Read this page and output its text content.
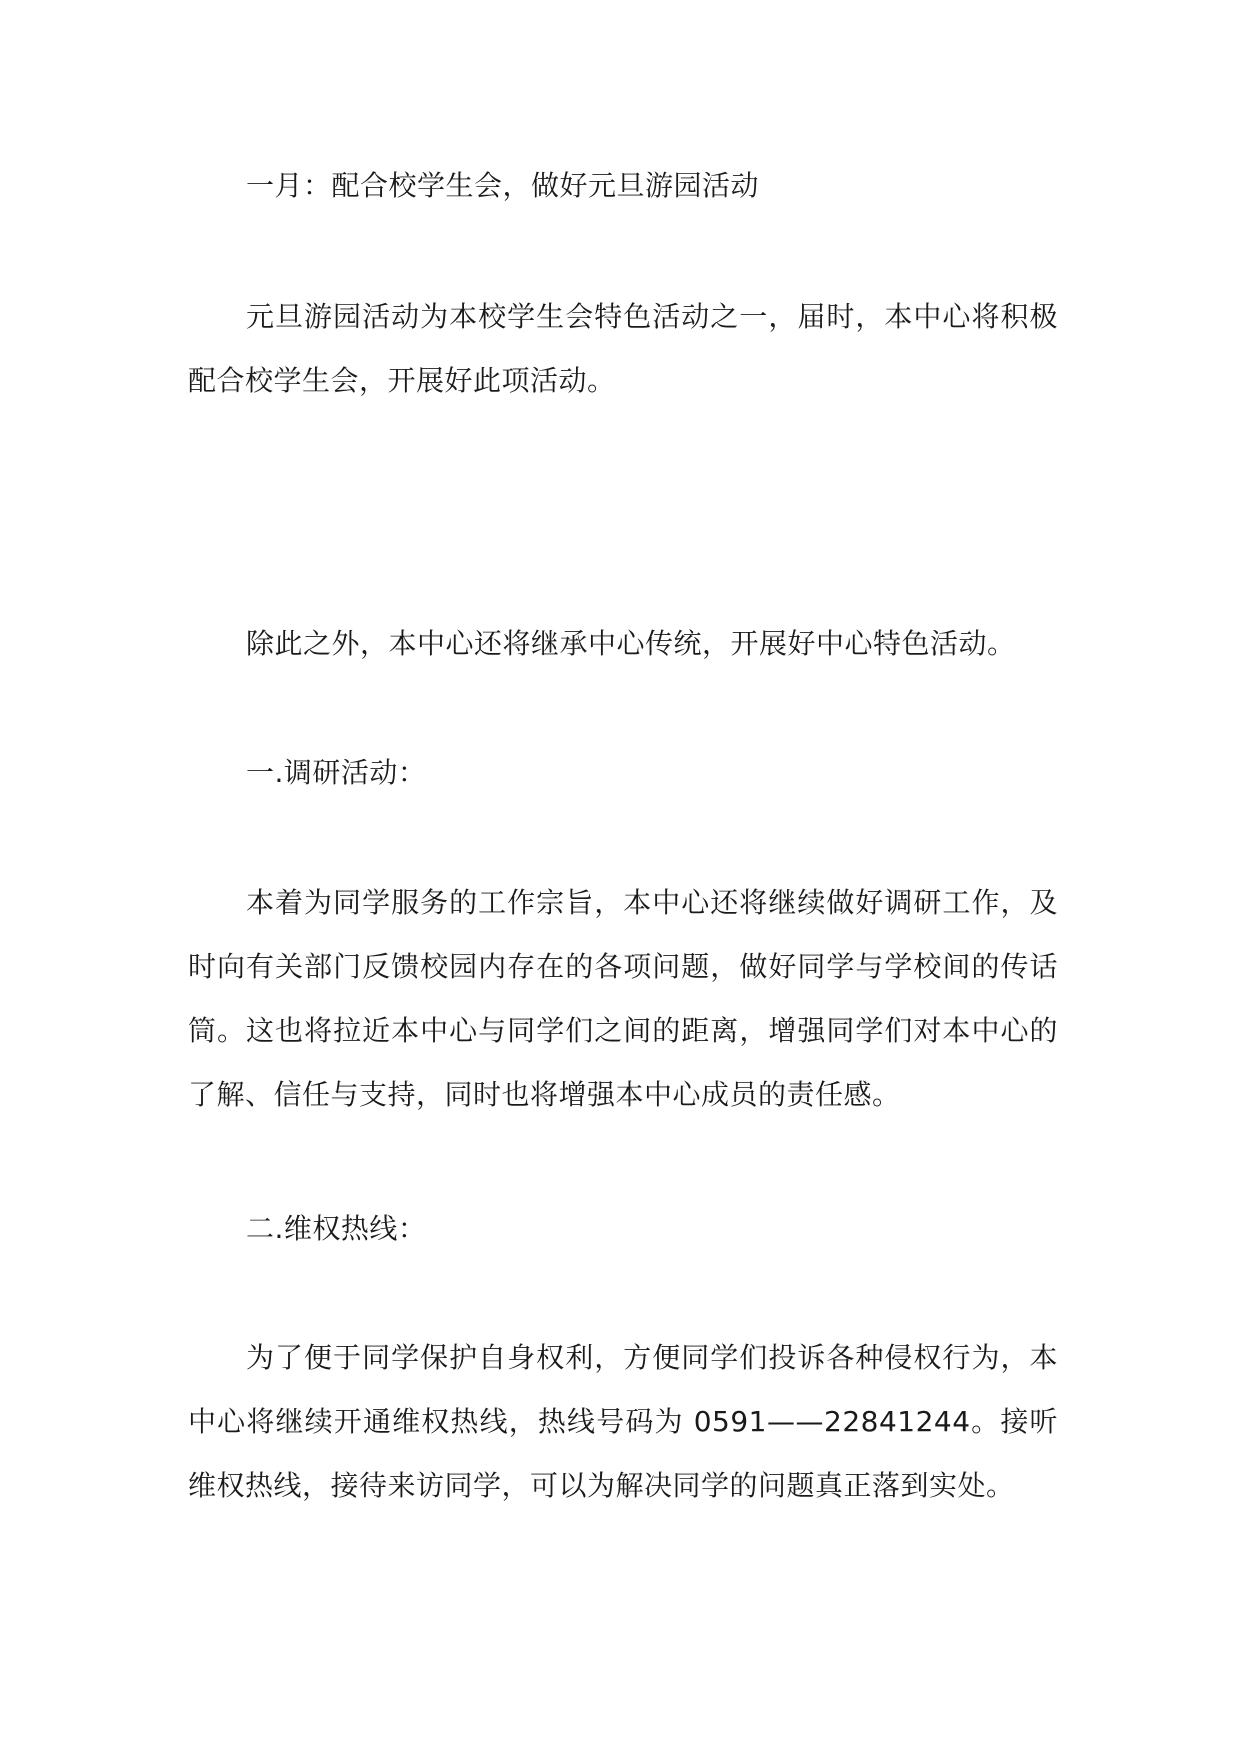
一月：配合校学生会，做好元旦游园活动

元旦游园活动为本校学生会特色活动之一，届时，本中心将积极配合校学生会，开展好此项活动。

除此之外，本中心还将继承中心传统，开展好中心特色活动。

一.调研活动：

本着为同学服务的工作宗旨，本中心还将继续做好调研工作，及时向有关部门反馈校园内存在的各项问题，做好同学与学校间的传话筒。这也将拉近本中心与同学们之间的距离，增强同学们对本中心的了解、信任与支持，同时也将增强本中心成员的责任感。

二.维权热线：

为了便于同学保护自身权利，方便同学们投诉各种侵权行为，本中心将继续开通维权热线，热线号码为 0591——22841244。接听维权热线，接待来访同学，可以为解决同学的问题真正落到实处。
